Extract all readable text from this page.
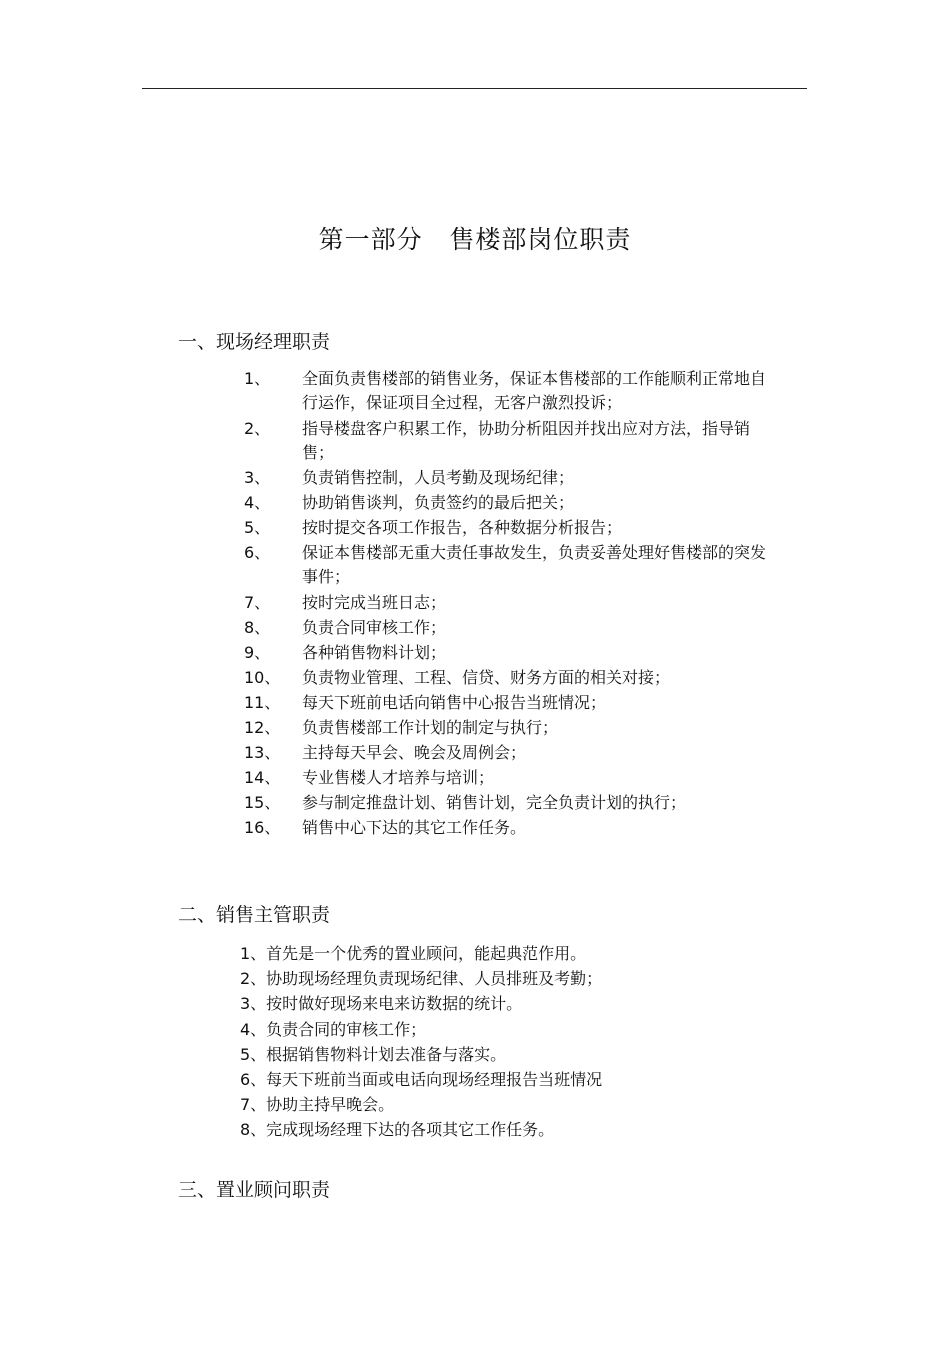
第一部分   售楼部岗位职责
一、现场经理职责
1、 全面负责售楼部的销售业务，保证本售楼部的工作能顺利正常地自行运作，保证项目全过程，无客户激烈投诉；
2、 指导楼盘客户积累工作，协助分析阻因并找出应对方法，指导销售；
3、 负责销售控制，人员考勤及现场纪律；
4、 协助销售谈判，负责签约的最后把关；
5、 按时提交各项工作报告，各种数据分析报告；
6、 保证本售楼部无重大责任事故发生，负责妥善处理好售楼部的突发事件；
7、 按时完成当班日志；
8、 负责合同审核工作；
9、 各种销售物料计划；
10、 负责物业管理、工程、信贷、财务方面的相关对接；
11、 每天下班前电话向销售中心报告当班情况；
12、 负责售楼部工作计划的制定与执行；
13、 主持每天早会、晚会及周例会；
14、 专业售楼人才培养与培训；
15、 参与制定推盘计划、销售计划，完全负责计划的执行；
16、 销售中心下达的其它工作任务。
二、销售主管职责
1、首先是一个优秀的置业顾问，能起典范作用。
2、协助现场经理负责现场纪律、人员排班及考勤；
3、按时做好现场来电来访数据的统计。
4、负责合同的审核工作；
5、根据销售物料计划去准备与落实。
6、每天下班前当面或电话向现场经理报告当班情况
7、协助主持早晚会。
8、完成现场经理下达的各项其它工作任务。
三、置业顾问职责
